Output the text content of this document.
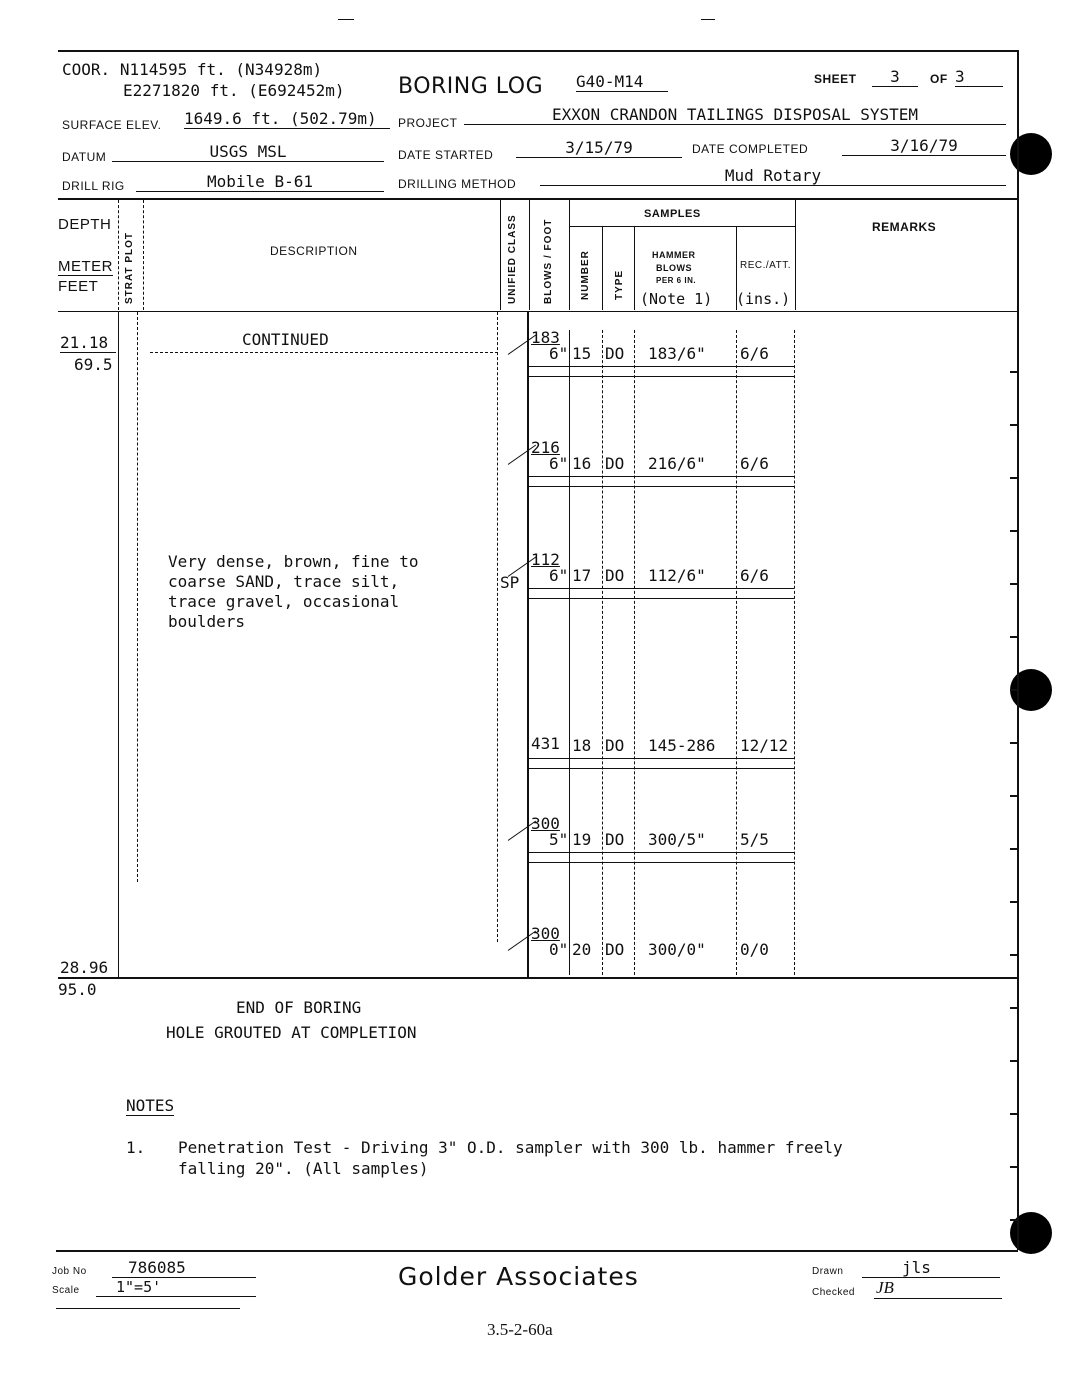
COOR. N114595 ft. (N34928m)
E2271820 ft. (E692452m) BORING LOG G40-M14	SHEET	3	OF 3
SURFACE ELEV. 1649.6 ft. (502.79m)	PROJECT	EXXON CRANDON TAILINGS DISPOSAL SYSTEM
DATUM	USGS MSL	DATE STARTED	3/15/79	DATE COMPLETED	3/16/79
DRILL RIG	Mobile B-61	DRILLING METHOD	Mud Rotary
DEPTH
METER
FEET	STRAT PLOT	DESCRIPTION	UNIFIED CLASS	BLOWS / FOOT
SAMPLES
NUMBER TYPE
HAMMER
BLOWS
PER 6 IN.
(Note 1)
REC./ATT.
(ins.)
REMARKS
21.18
69.5
28.96
95.0
CONTINUED
Very dense, brown, fine to
coarse SAND, trace silt,
trace gravel, occasional
boulders
SP
183
6" 15 DO 183/6" 6/6
216
6" 16 DO 216/6" 6/6
112
6" 17 DO 112/6" 6/6
431 18 DO 145-286 12/12
300
5" 19 DO 300/5" 5/5
300
0" 20 DO 300/0" 0/0
END OF BORING
HOLE GROUTED AT COMPLETION
NOTES
1. Penetration Test - Driving 3" O.D. sampler with 300 lb. hammer freely
falling 20". (All samples)
Job No	786085
Scale	1"=5'	Golder Associates	Drawn	jls
Checked JB
3.5-2-60a
